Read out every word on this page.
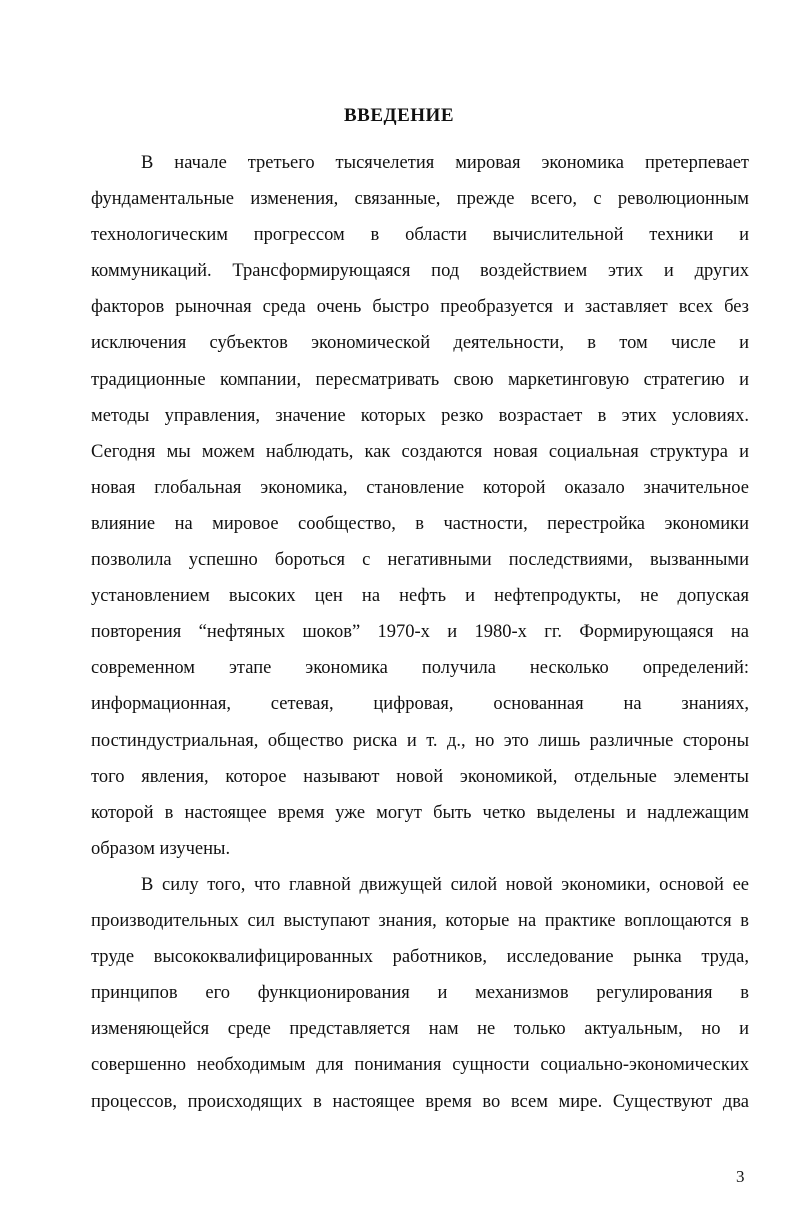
ВВЕДЕНИЕ
В начале третьего тысячелетия мировая экономика претерпевает
фундаментальные изменения, связанные, прежде всего, с революционным
технологическим прогрессом в области вычислительной техники и
коммуникаций. Трансформирующаяся под воздействием этих и других
факторов рыночная среда очень быстро преобразуется и заставляет всех без
исключения субъектов экономической деятельности, в том числе и
традиционные компании, пересматривать свою маркетинговую стратегию и
методы управления, значение которых резко возрастает в этих условиях.
Сегодня мы можем наблюдать, как создаются новая социальная структура и
новая глобальная экономика, становление которой оказало значительное
влияние на мировое сообщество, в частности, перестройка экономики
позволила успешно бороться с негативными последствиями, вызванными
установлением высоких цен на нефть и нефтепродукты, не допуская
повторения “нефтяных шоков” 1970-х и 1980-х гг. Формирующаяся на
современном этапе экономика получила несколько определений:
информационная, сетевая, цифровая, основанная на знаниях,
постиндустриальная, общество риска и т. д., но это лишь различные стороны
того явления, которое называют новой экономикой, отдельные элементы
которой в настоящее время уже могут быть четко выделены и надлежащим
образом изучены.
В силу того, что главной движущей силой новой экономики, основой ее
производительных сил выступают знания, которые на практике воплощаются в
труде высококвалифицированных работников, исследование рынка труда,
принципов его функционирования и механизмов регулирования в
изменяющейся среде представляется нам не только актуальным, но и
совершенно необходимым для понимания сущности социально-экономических
процессов, происходящих в настоящее время во всем мире. Существуют два
3
